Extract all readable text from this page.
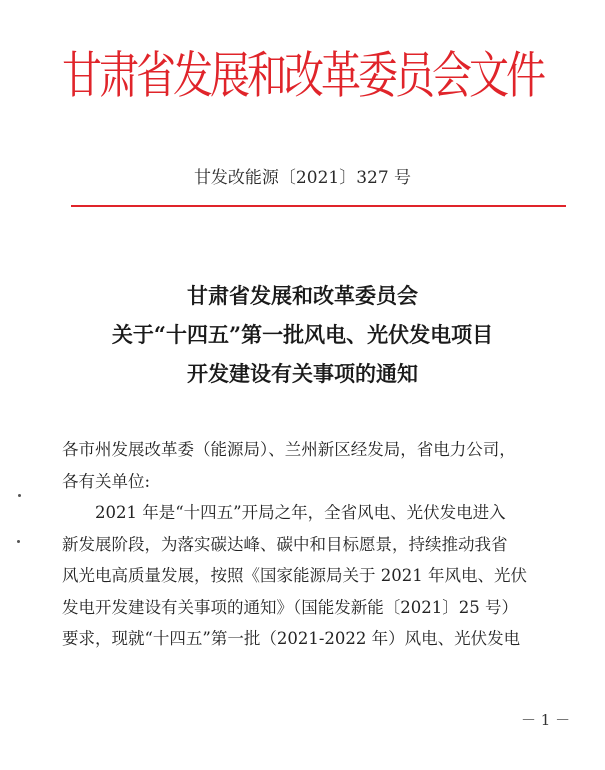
甘肃省发展和改革委员会文件
甘发改能源〔2021〕327 号
甘肃省发展和改革委员会
关于“十四五”第一批风电、光伏发电项目
开发建设有关事项的通知
各市州发展改革委（能源局）、兰州新区经发局，省电力公司，
各有关单位:
　　2021 年是“十四五”开局之年，全省风电、光伏发电进入
新发展阶段，为落实碳达峰、碳中和目标愿景，持续推动我省
风光电高质量发展，按照《国家能源局关于 2021 年风电、光伏
发电开发建设有关事项的通知》（国能发新能〔2021〕25 号）
要求，现就“十四五”第一批（2021-2022 年）风电、光伏发电
－ 1 －
